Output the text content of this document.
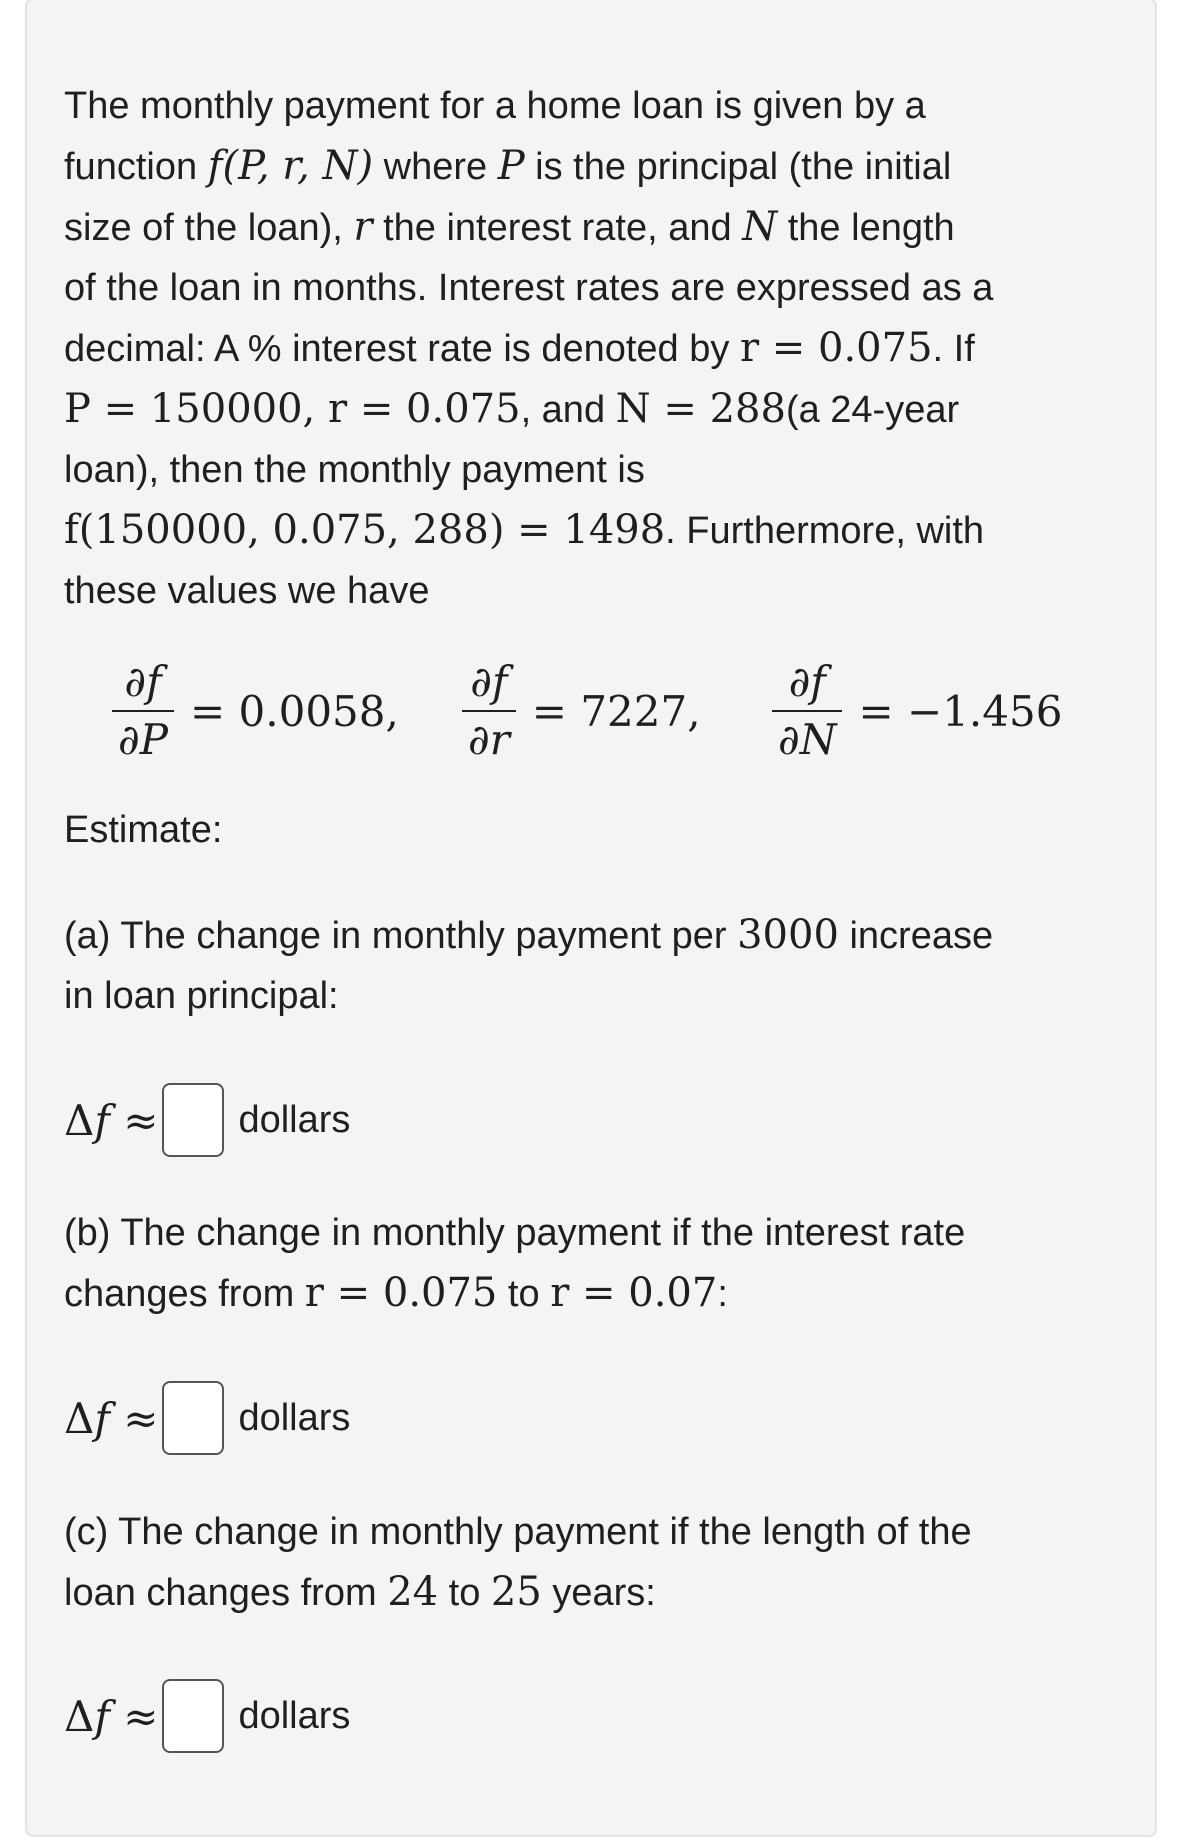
The monthly payment for a home loan is given by a

function f(P, r, N) where P is the principal (the initial

size of the loan), r the interest rate, and N the length

of the loan in months. Interest rates are expressed as a

decimal: A % interest rate is denoted by r = 0.075. If

P = 150000, r = 0.075, and N = 288(a 24-year

loan), then the monthly payment is

f(150000, 0.075, 288) = 1498. Furthermore, with

these values we have

$\frac{\partial f}{\partial P} = 0.0058$, $\frac{\partial f}{\partial r} = 7227$, $\frac{\partial f}{\partial N} = -1.456$
Estimate:
(a) The change in monthly payment per 3000 increase
in loan principal:
Δf ≈ dollars
(b) The change in monthly payment if the interest rate
changes from r = 0.075 to r = 0.07:
Δf ≈ dollars
(c) The change in monthly payment if the length of the
loan changes from 24 to 25 years:
Δf ≈ dollars
